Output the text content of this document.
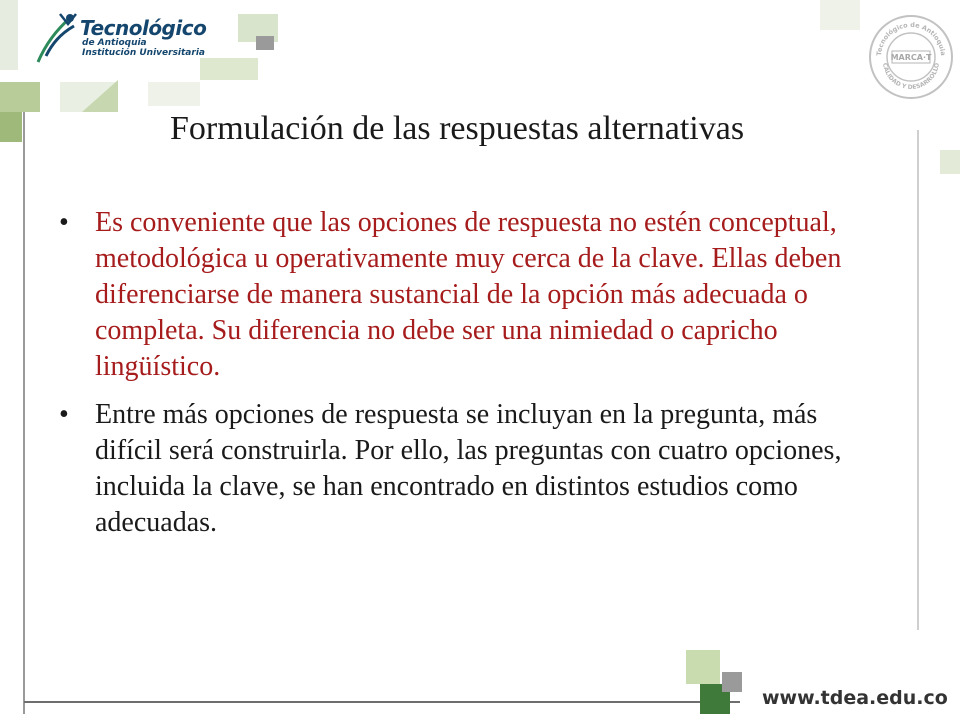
Tecnológico
de Antioquia
Institución Universitaria	Tecnológico de Antioquia
CALIDAD Y DESARROLLO
MARCA·T
Formulación de las respuestas alternativas
• Es conveniente que las opciones de respuesta no estén conceptual, metodológica u operativamente muy cerca de la clave. Ellas deben diferenciarse de manera sustancial de la opción más adecuada o completa. Su diferencia no debe ser una nimiedad o capricho lingüístico.
• Entre más opciones de respuesta se incluyan en la pregunta, más difícil será construirla. Por ello, las preguntas con cuatro opciones, incluida la clave, se han encontrado en distintos estudios como adecuadas.
www.tdea.edu.co
